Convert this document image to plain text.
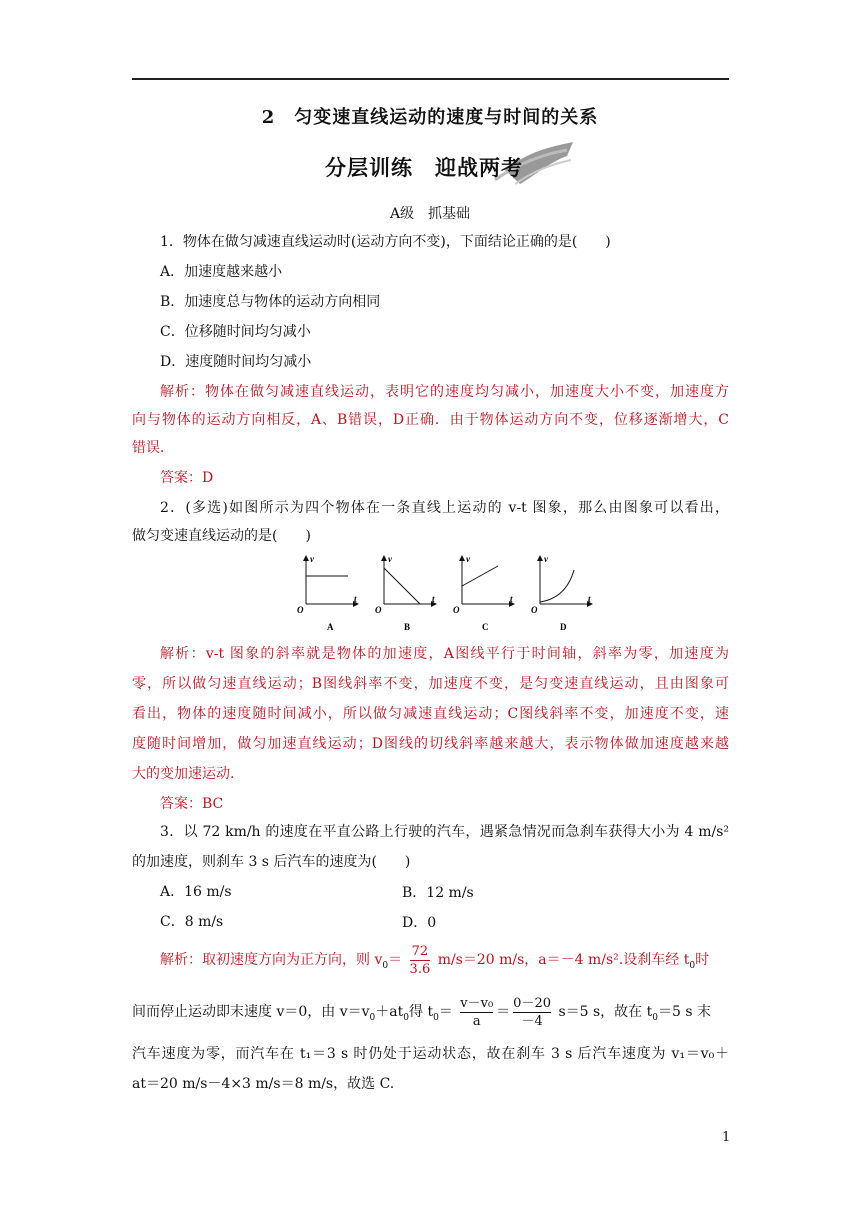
2　匀变速直线运动的速度与时间的关系
分层训练　迎战两考
A级　抓基础
1．物体在做匀减速直线运动时(运动方向不变)，下面结论正确的是(　　)
A．加速度越来越小
B．加速度总与物体的运动方向相同
C．位移随时间均匀减小
D．速度随时间均匀减小
解析：物体在做匀减速直线运动，表明它的速度均匀减小，加速度大小不变，加速度方
向与物体的运动方向相反，A、B错误，D正确．由于物体运动方向不变，位移逐渐增大，C
错误．
答案：D
2．(多选)如图所示为四个物体在一条直线上运动的 v-t 图象，那么由图象可以看出，
做匀变速直线运动的是(　　)
v
t
O
A
v
t
O
B
v
t
O
C
v
t
O
D
解析：v-t 图象的斜率就是物体的加速度，A图线平行于时间轴，斜率为零，加速度为
零，所以做匀速直线运动；B图线斜率不变，加速度不变，是匀变速直线运动，且由图象可
看出，物体的速度随时间减小，所以做匀减速直线运动；C图线斜率不变，加速度不变，速
度随时间增加，做匀加速直线运动；D图线的切线斜率越来越大，表示物体做加速度越来越
大的变加速运动.
答案：BC
3．以 72 km/h 的速度在平直公路上行驶的汽车，遇紧急情况而急刹车获得大小为 4 m/s²
的加速度，则刹车 3 s 后汽车的速度为(　　)
A．16 m/s	B．12 m/s
C．8 m/s	D．0
解析：取初速度方向为正方向，则 $v_0= \frac{72}{3.6} m/s=20$ m/s，a＝－4 m/s².设刹车经 $t_0$时
间而停止运动即末速度 v＝0，由 $v=v_0+at_0$得 $t_0= \frac{\text{v－v₀}}{a} = \frac{0-20}{-4} s=5$ s，故在 $t_0=5$ s 末
汽车速度为零，而汽车在 t₁＝3 s 时仍处于运动状态，故在刹车 3 s 后汽车速度为 v₁＝v₀＋
at＝20 m/s－4×3 m/s＝8 m/s，故选 C.
1
